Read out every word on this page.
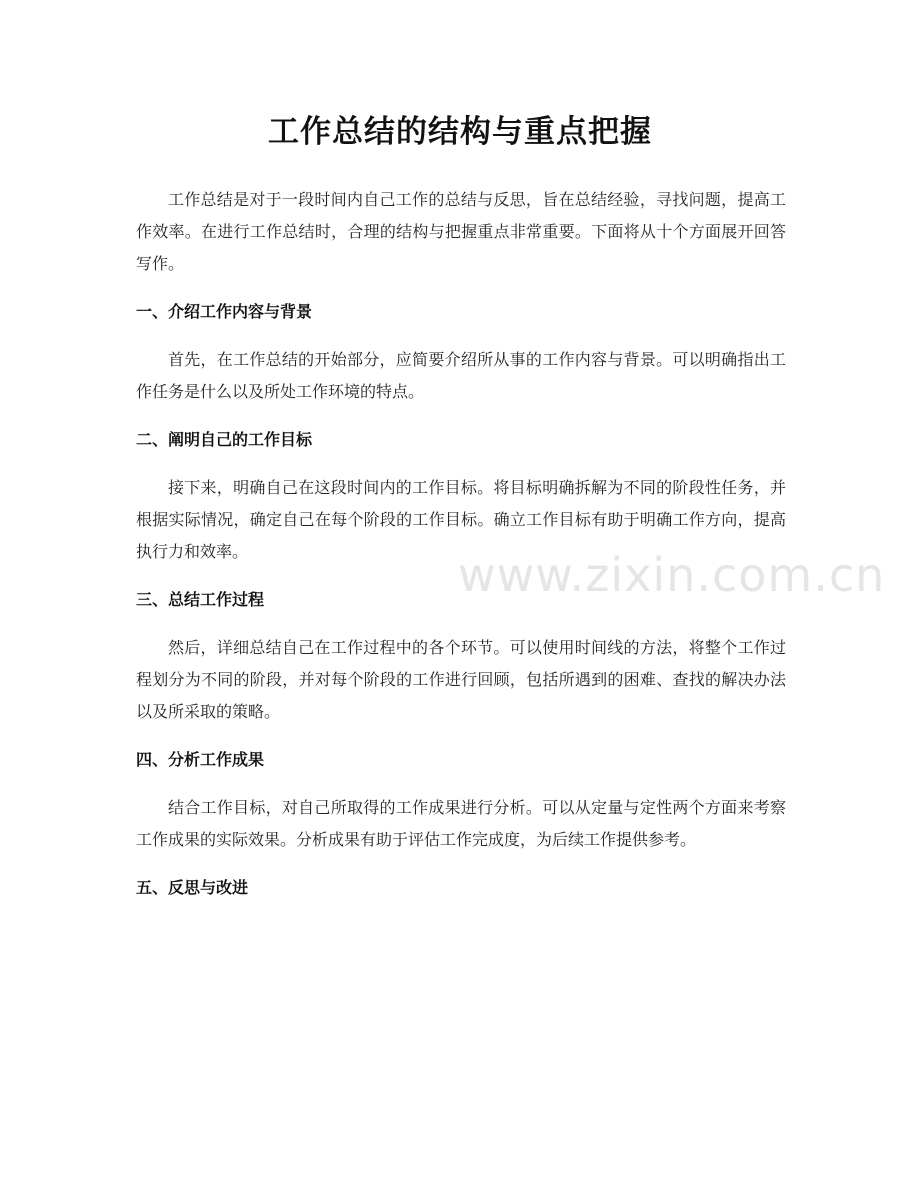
工作总结的结构与重点把握

工作总结是对于一段时间内自己工作的总结与反思，旨在总结经验，寻找问题，提高工作效率。在进行工作总结时，合理的结构与把握重点非常重要。下面将从十个方面展开回答写作。

一、介绍工作内容与背景

首先，在工作总结的开始部分，应简要介绍所从事的工作内容与背景。可以明确指出工作任务是什么以及所处工作环境的特点。

二、阐明自己的工作目标

接下来，明确自己在这段时间内的工作目标。将目标明确拆解为不同的阶段性任务，并根据实际情况，确定自己在每个阶段的工作目标。确立工作目标有助于明确工作方向，提高执行力和效率。

三、总结工作过程

然后，详细总结自己在工作过程中的各个环节。可以使用时间线的方法，将整个工作过程划分为不同的阶段，并对每个阶段的工作进行回顾，包括所遇到的困难、查找的解决办法以及所采取的策略。

四、分析工作成果

结合工作目标，对自己所取得的工作成果进行分析。可以从定量与定性两个方面来考察工作成果的实际效果。分析成果有助于评估工作完成度，为后续工作提供参考。

五、反思与改进
www.zixin.com.cn
